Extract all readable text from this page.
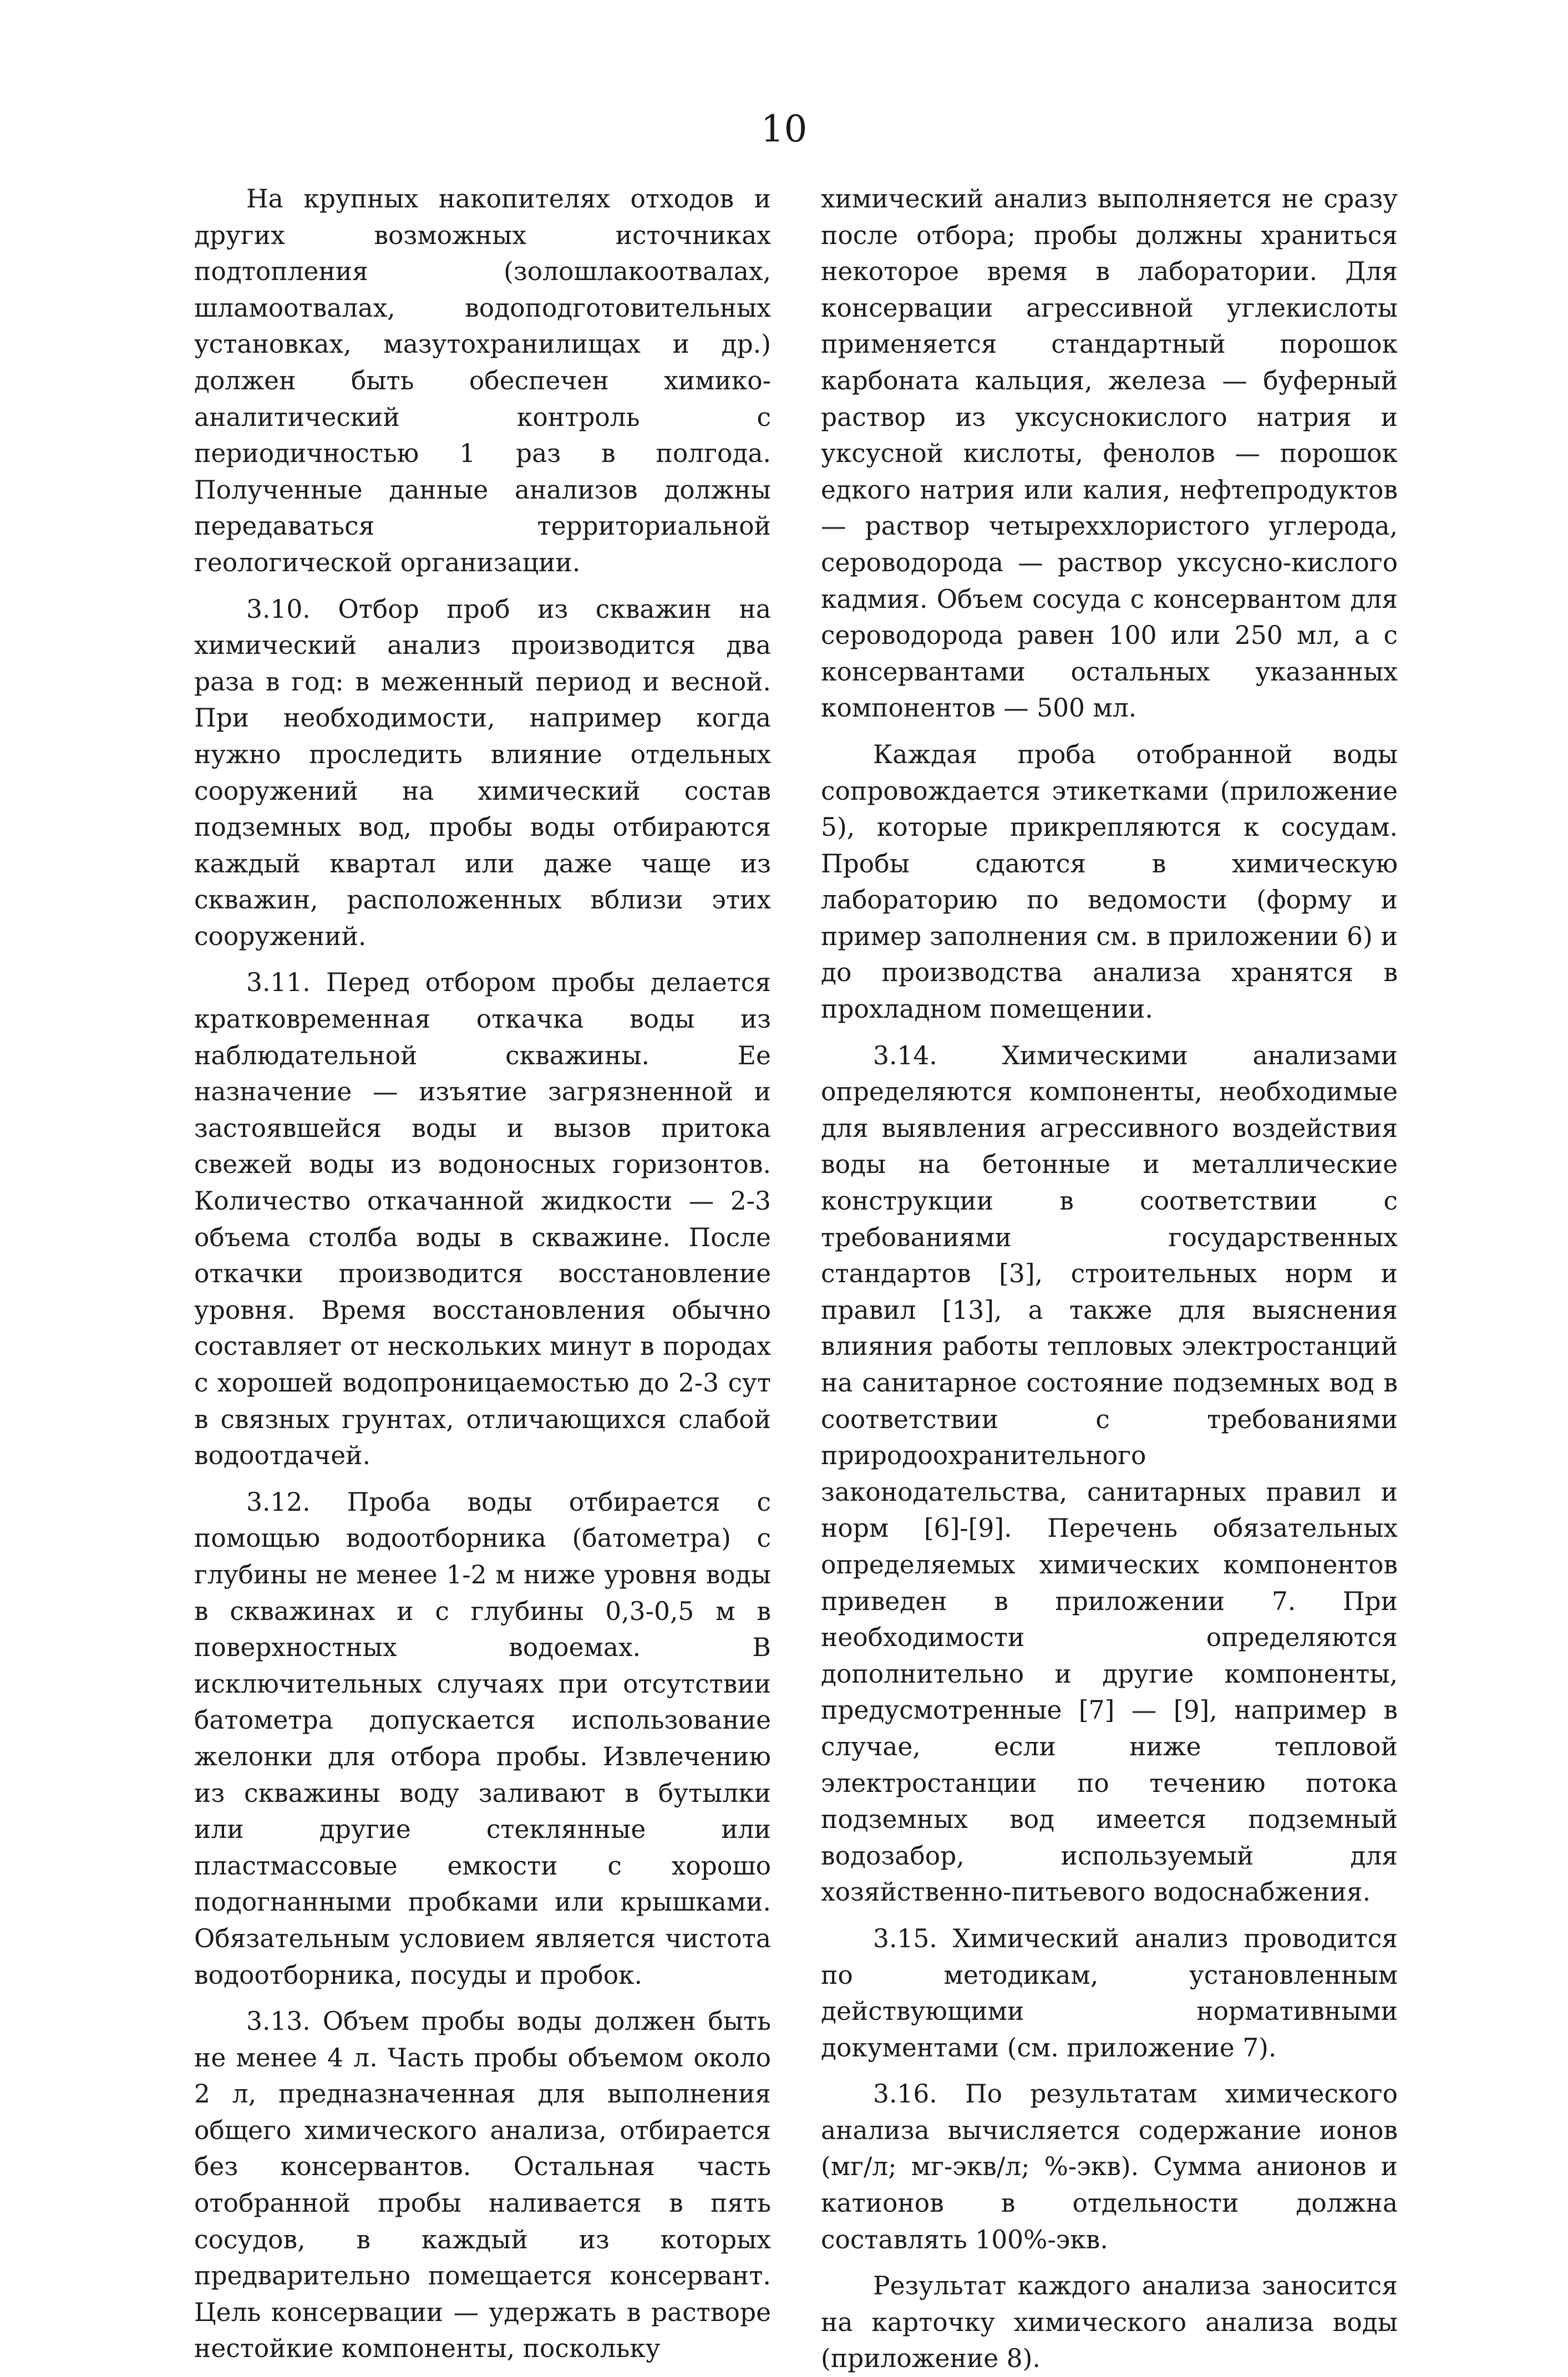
10

На крупных накопителях отходов и других возможных источниках подтопления (золошлакоотвалах, шламоотвалах, водоподготовительных установках, мазутохранилищах и др.) должен быть обеспечен химико-аналитический контроль с периодичностью 1 раз в полгода. Полученные данные анализов должны передаваться территориальной геологической организации.

3.10. Отбор проб из скважин на химический анализ производится два раза в год: в меженный период и весной. При необходимости, например когда нужно проследить влияние отдельных сооружений на химический состав подземных вод, пробы воды отбираются каждый квартал или даже чаще из скважин, расположенных вблизи этих сооружений.

3.11. Перед отбором пробы делается кратковременная откачка воды из наблюдательной скважины. Ее назначение — изъятие загрязненной и застоявшейся воды и вызов притока свежей воды из водоносных горизонтов. Количество откачанной жидкости — 2-3 объема столба воды в скважине. После откачки производится восстановление уровня. Время восстановления обычно составляет от нескольких минут в породах с хорошей водопроницаемостью до 2-3 сут в связных грунтах, отличающихся слабой водоотдачей.

3.12. Проба воды отбирается с помощью водоотборника (батометра) с глубины не менее 1-2 м ниже уровня воды в скважинах и с глубины 0,3-0,5 м в поверхностных водоемах. В исключительных случаях при отсутствии батометра допускается использование желонки для отбора пробы. Извлечению из скважины воду заливают в бутылки или другие стеклянные или пластмассовые емкости с хорошо подогнанными пробками или крышками. Обязательным условием является чистота водоотборника, посуды и пробок.

3.13. Объем пробы воды должен быть не менее 4 л. Часть пробы объемом около 2 л, предназначенная для выполнения общего химического анализа, отбирается без консервантов. Остальная часть отобранной пробы наливается в пять сосудов, в каждый из которых предварительно помещается консервант. Цель консервации — удержать в растворе нестойкие компоненты, поскольку

химический анализ выполняется не сразу после отбора; пробы должны храниться некоторое время в лаборатории. Для консервации агрессивной углекислоты применяется стандартный порошок карбоната кальция, железа — буферный раствор из уксуснокислого натрия и уксусной кислоты, фенолов — порошок едкого натрия или калия, нефтепродуктов — раствор четыреххлористого углерода, сероводорода — раствор уксусно-кислого кадмия. Объем сосуда с консервантом для сероводорода равен 100 или 250 мл, а с консервантами остальных указанных компонентов — 500 мл.

Каждая проба отобранной воды сопровождается этикетками (приложение 5), которые прикрепляются к сосудам. Пробы сдаются в химическую лабораторию по ведомости (форму и пример заполнения см. в приложении 6) и до производства анализа хранятся в прохладном помещении.

3.14. Химическими анализами определяются компоненты, необходимые для выявления агрессивного воздействия воды на бетонные и металлические конструкции в соответствии с требованиями государственных стандартов [3], строительных норм и правил [13], а также для выяснения влияния работы тепловых электростанций на санитарное состояние подземных вод в соответствии с требованиями природоохранительного законодательства, санитарных правил и норм [6]-[9]. Перечень обязательных определяемых химических компонентов приведен в приложении 7. При необходимости определяются дополнительно и другие компоненты, предусмотренные [7] — [9], например в случае, если ниже тепловой электростанции по течению потока подземных вод имеется подземный водозабор, используемый для хозяйственно-питьевого водоснабжения.

3.15. Химический анализ проводится по методикам, установленным действующими нормативными документами (см. приложение 7).

3.16. По результатам химического анализа вычисляется содержание ионов (мг/л; мг-экв/л; %-экв). Сумма анионов и катионов в отдельности должна составлять 100%-экв.

Результат каждого анализа заносится на карточку химического анализа воды (приложение 8).
